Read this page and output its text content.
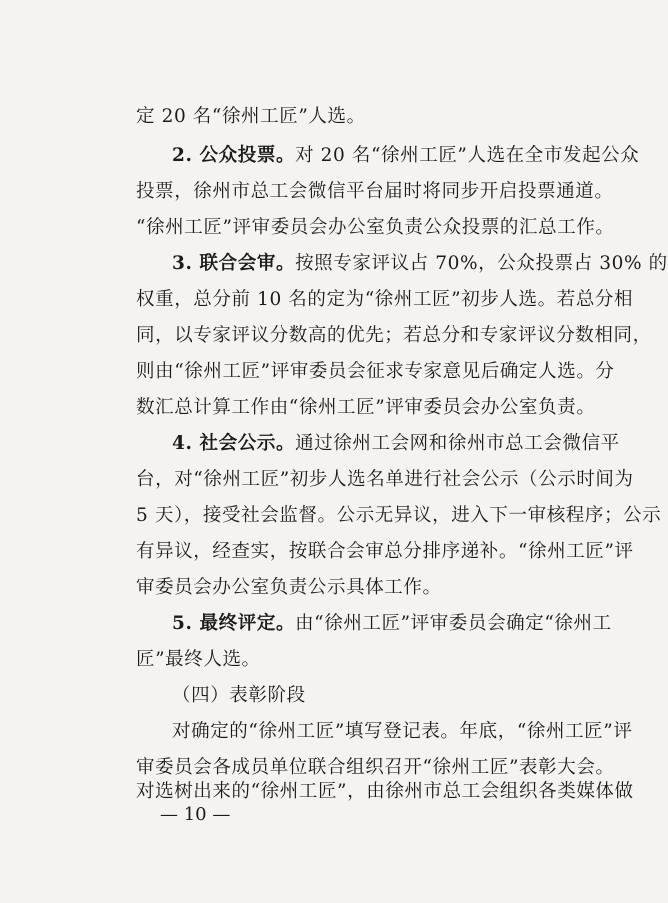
定 20 名“徐州工匠”人选。
2. 公众投票。对 20 名“徐州工匠”人选在全市发起公众
投票，徐州市总工会微信平台届时将同步开启投票通道。
“徐州工匠”评审委员会办公室负责公众投票的汇总工作。
3. 联合会审。按照专家评议占 70%，公众投票占 30% 的
权重，总分前 10 名的定为“徐州工匠”初步人选。若总分相
同，以专家评议分数高的优先；若总分和专家评议分数相同，
则由“徐州工匠”评审委员会征求专家意见后确定人选。分
数汇总计算工作由“徐州工匠”评审委员会办公室负责。
4. 社会公示。通过徐州工会网和徐州市总工会微信平
台，对“徐州工匠”初步人选名单进行社会公示（公示时间为
5 天），接受社会监督。公示无异议，进入下一审核程序；公示
有异议，经查实，按联合会审总分排序递补。“徐州工匠”评
审委员会办公室负责公示具体工作。
5. 最终评定。由“徐州工匠”评审委员会确定“徐州工
匠”最终人选。
（四）表彰阶段
对确定的“徐州工匠”填写登记表。年底，“徐州工匠”评
审委员会各成员单位联合组织召开“徐州工匠”表彰大会。
对选树出来的“徐州工匠”，由徐州市总工会组织各类媒体做
— 10 —
